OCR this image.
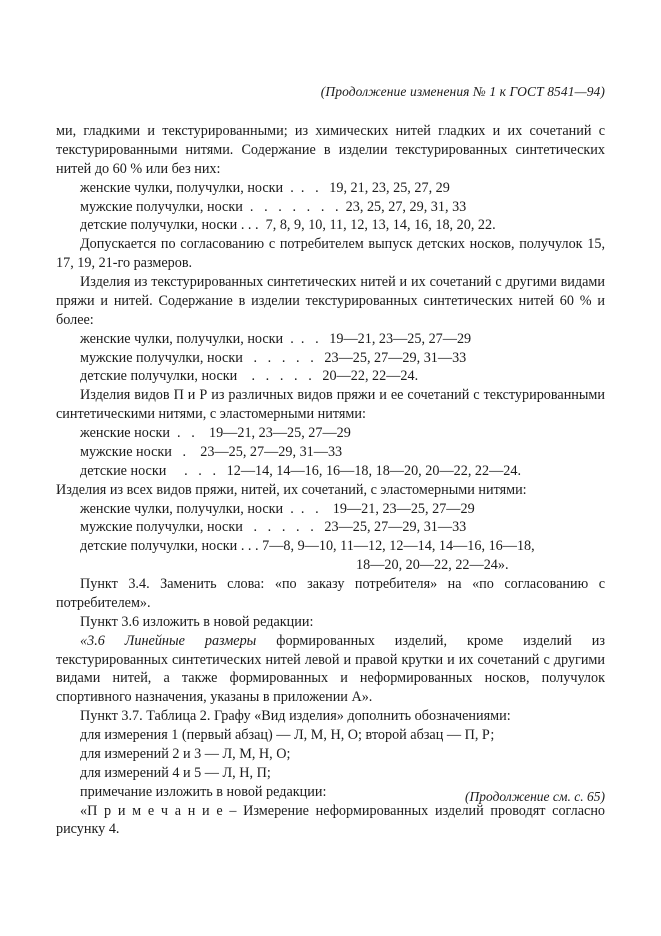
(Продолжение изменения № 1 к ГОСТ 8541—94)

ми, гладкими и текстурированными; из химических нитей гладких и их сочетаний с текстурированными нитями. Содержание в изделии текстурированных синтетических нитей до 60 % или без них:

женские чулки, получулки, носки  .  .   .   19, 21, 23, 25, 27, 29

мужские получулки, носки  .   .   .   .   .   .   .  23, 25, 27, 29, 31, 33

детские получулки, носки . . .  7, 8, 9, 10, 11, 12, 13, 14, 16, 18, 20, 22.

Допускается по согласованию с потребителем выпуск детских носков, получулок 15, 17, 19, 21-го размеров.

Изделия из текстурированных синтетических нитей и их сочетаний с другими видами пряжи и нитей. Содержание в изделии текстурированных синтетических нитей 60 % и более:

женские чулки, получулки, носки  .  .   .   19—21, 23—25, 27—29

мужские получулки, носки   .   .   .   .   .   23—25, 27—29, 31—33

детские получулки, носки    .   .   .   .   .   20—22, 22—24.

Изделия видов П и Р из различных видов пряжи и ее сочетаний с текстурированными синтетическими нитями, с эластомерными нитями:

женские носки  .   .    19—21, 23—25, 27—29

мужские носки   .    23—25, 27—29, 31—33

детские носки     .   .   .   12—14, 14—16, 16—18, 18—20, 20—22, 22—24.

Изделия из всех видов пряжи, нитей, их сочетаний, с эластомерными нитями:

женские чулки, получулки, носки  .  .   .    19—21, 23—25, 27—29

мужские получулки, носки   .   .   .   .   .   23—25, 27—29, 31—33

детские получулки, носки . . . 7—8, 9—10, 11—12, 12—14, 14—16, 16—18,

18—20, 20—22, 22—24».

Пункт 3.4. Заменить слова: «по заказу потребителя» на «по согласованию с потребителем».

Пункт 3.6 изложить в новой редакции:

«3.6 Линейные размеры формированных изделий, кроме изделий из текстурированных синтетических нитей левой и правой крутки и их сочетаний с другими видами нитей, а также формированных и неформированных носков, получулок спортивного назначения, указаны в приложении А».

Пункт 3.7. Таблица 2. Графу «Вид изделия» дополнить обозначениями:

для измерения 1 (первый абзац) — Л, М, Н, О; второй абзац — П, Р;

для измерений 2 и 3 — Л, М, Н, О;

для измерений 4 и 5 — Л, Н, П;

примечание изложить в новой редакции:

«П р и м е ч а н и е – Измерение неформированных изделий проводят согласно рисунку 4.

(Продолжение см. с. 65)
